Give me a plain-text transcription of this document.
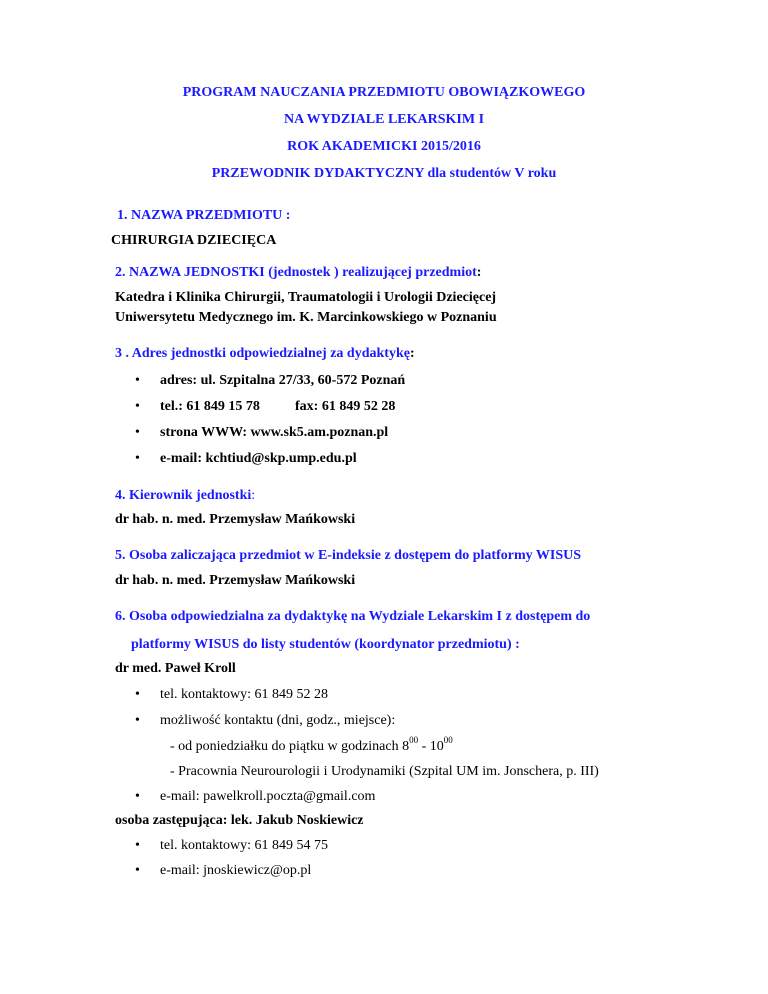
PROGRAM NAUCZANIA PRZEDMIOTU OBOWIĄZKOWEGO
NA WYDZIALE LEKARSKIM I
ROK AKADEMICKI 2015/2016
PRZEWODNIK DYDAKTYCZNY dla studentów V roku
1. NAZWA PRZEDMIOTU :
CHIRURGIA DZIECIĘCA
2. NAZWA JEDNOSTKI (jednostek ) realizującej przedmiot:
Katedra i Klinika Chirurgii, Traumatologii i Urologii Dziecięcej
Uniwersytetu Medycznego im. K. Marcinkowskiego w Poznaniu
3 . Adres jednostki odpowiedzialnej za dydaktykę:
• adres: ul. Szpitalna 27/33, 60-572 Poznań
• tel.: 61 849 15 78	fax: 61 849 52 28
• strona WWW: www.sk5.am.poznan.pl
• e-mail: kchtiud@skp.ump.edu.pl
4. Kierownik jednostki:
dr hab. n. med. Przemysław Mańkowski
5. Osoba zaliczająca przedmiot w E-indeksie z dostępem do platformy WISUS
dr hab. n. med. Przemysław Mańkowski
6. Osoba odpowiedzialna za dydaktykę na Wydziale Lekarskim I z dostępem do
platformy WISUS do listy studentów (koordynator przedmiotu) :
dr med. Paweł Kroll
• tel. kontaktowy: 61 849 52 28
• możliwość kontaktu (dni, godz., miejsce):
- od poniedziałku do piątku w godzinach $8^{00} - 10^{00}$
- Pracownia Neurourologii i Urodynamiki (Szpital UM im. Jonschera, p. III)
• e-mail: pawelkroll.poczta@gmail.com
osoba zastępująca: lek. Jakub Noskiewicz
• tel. kontaktowy: 61 849 54 75
• e-mail: jnoskiewicz@op.pl
